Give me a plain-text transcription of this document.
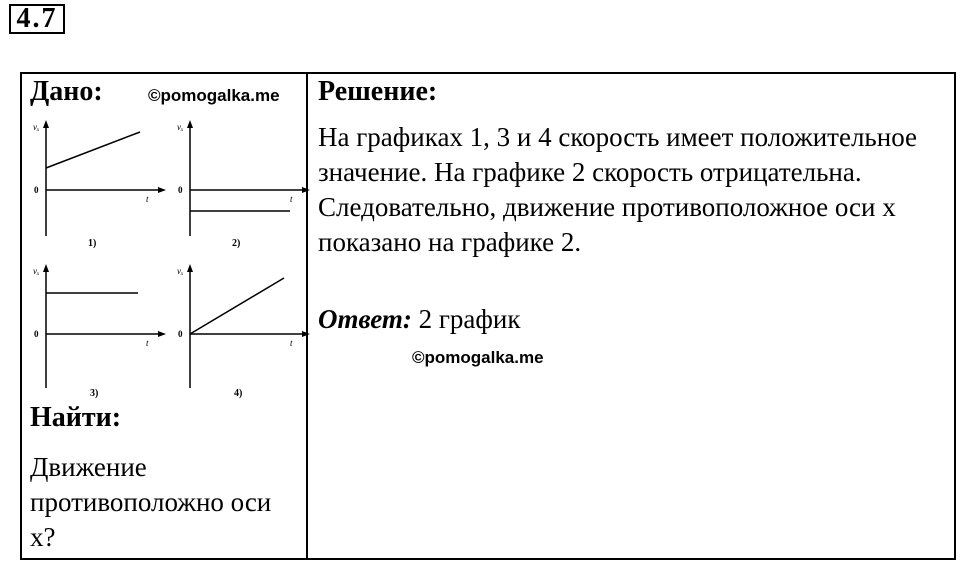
4.7
Дано:	©pomogalka.me
vₓ
t
0
1)
vₓ
t
0
2)
vₓ
t
0
3)
vₓ
t
0
4)
Найти:
Движение противоположно оси x?
Решение:
На графиках 1, 3 и 4 скорость имеет положительное значение. На графике 2 скорость отрицательна. Следовательно, движение противоположное оси x показано на графике 2.
Ответ: 2 график
©pomogalka.me
